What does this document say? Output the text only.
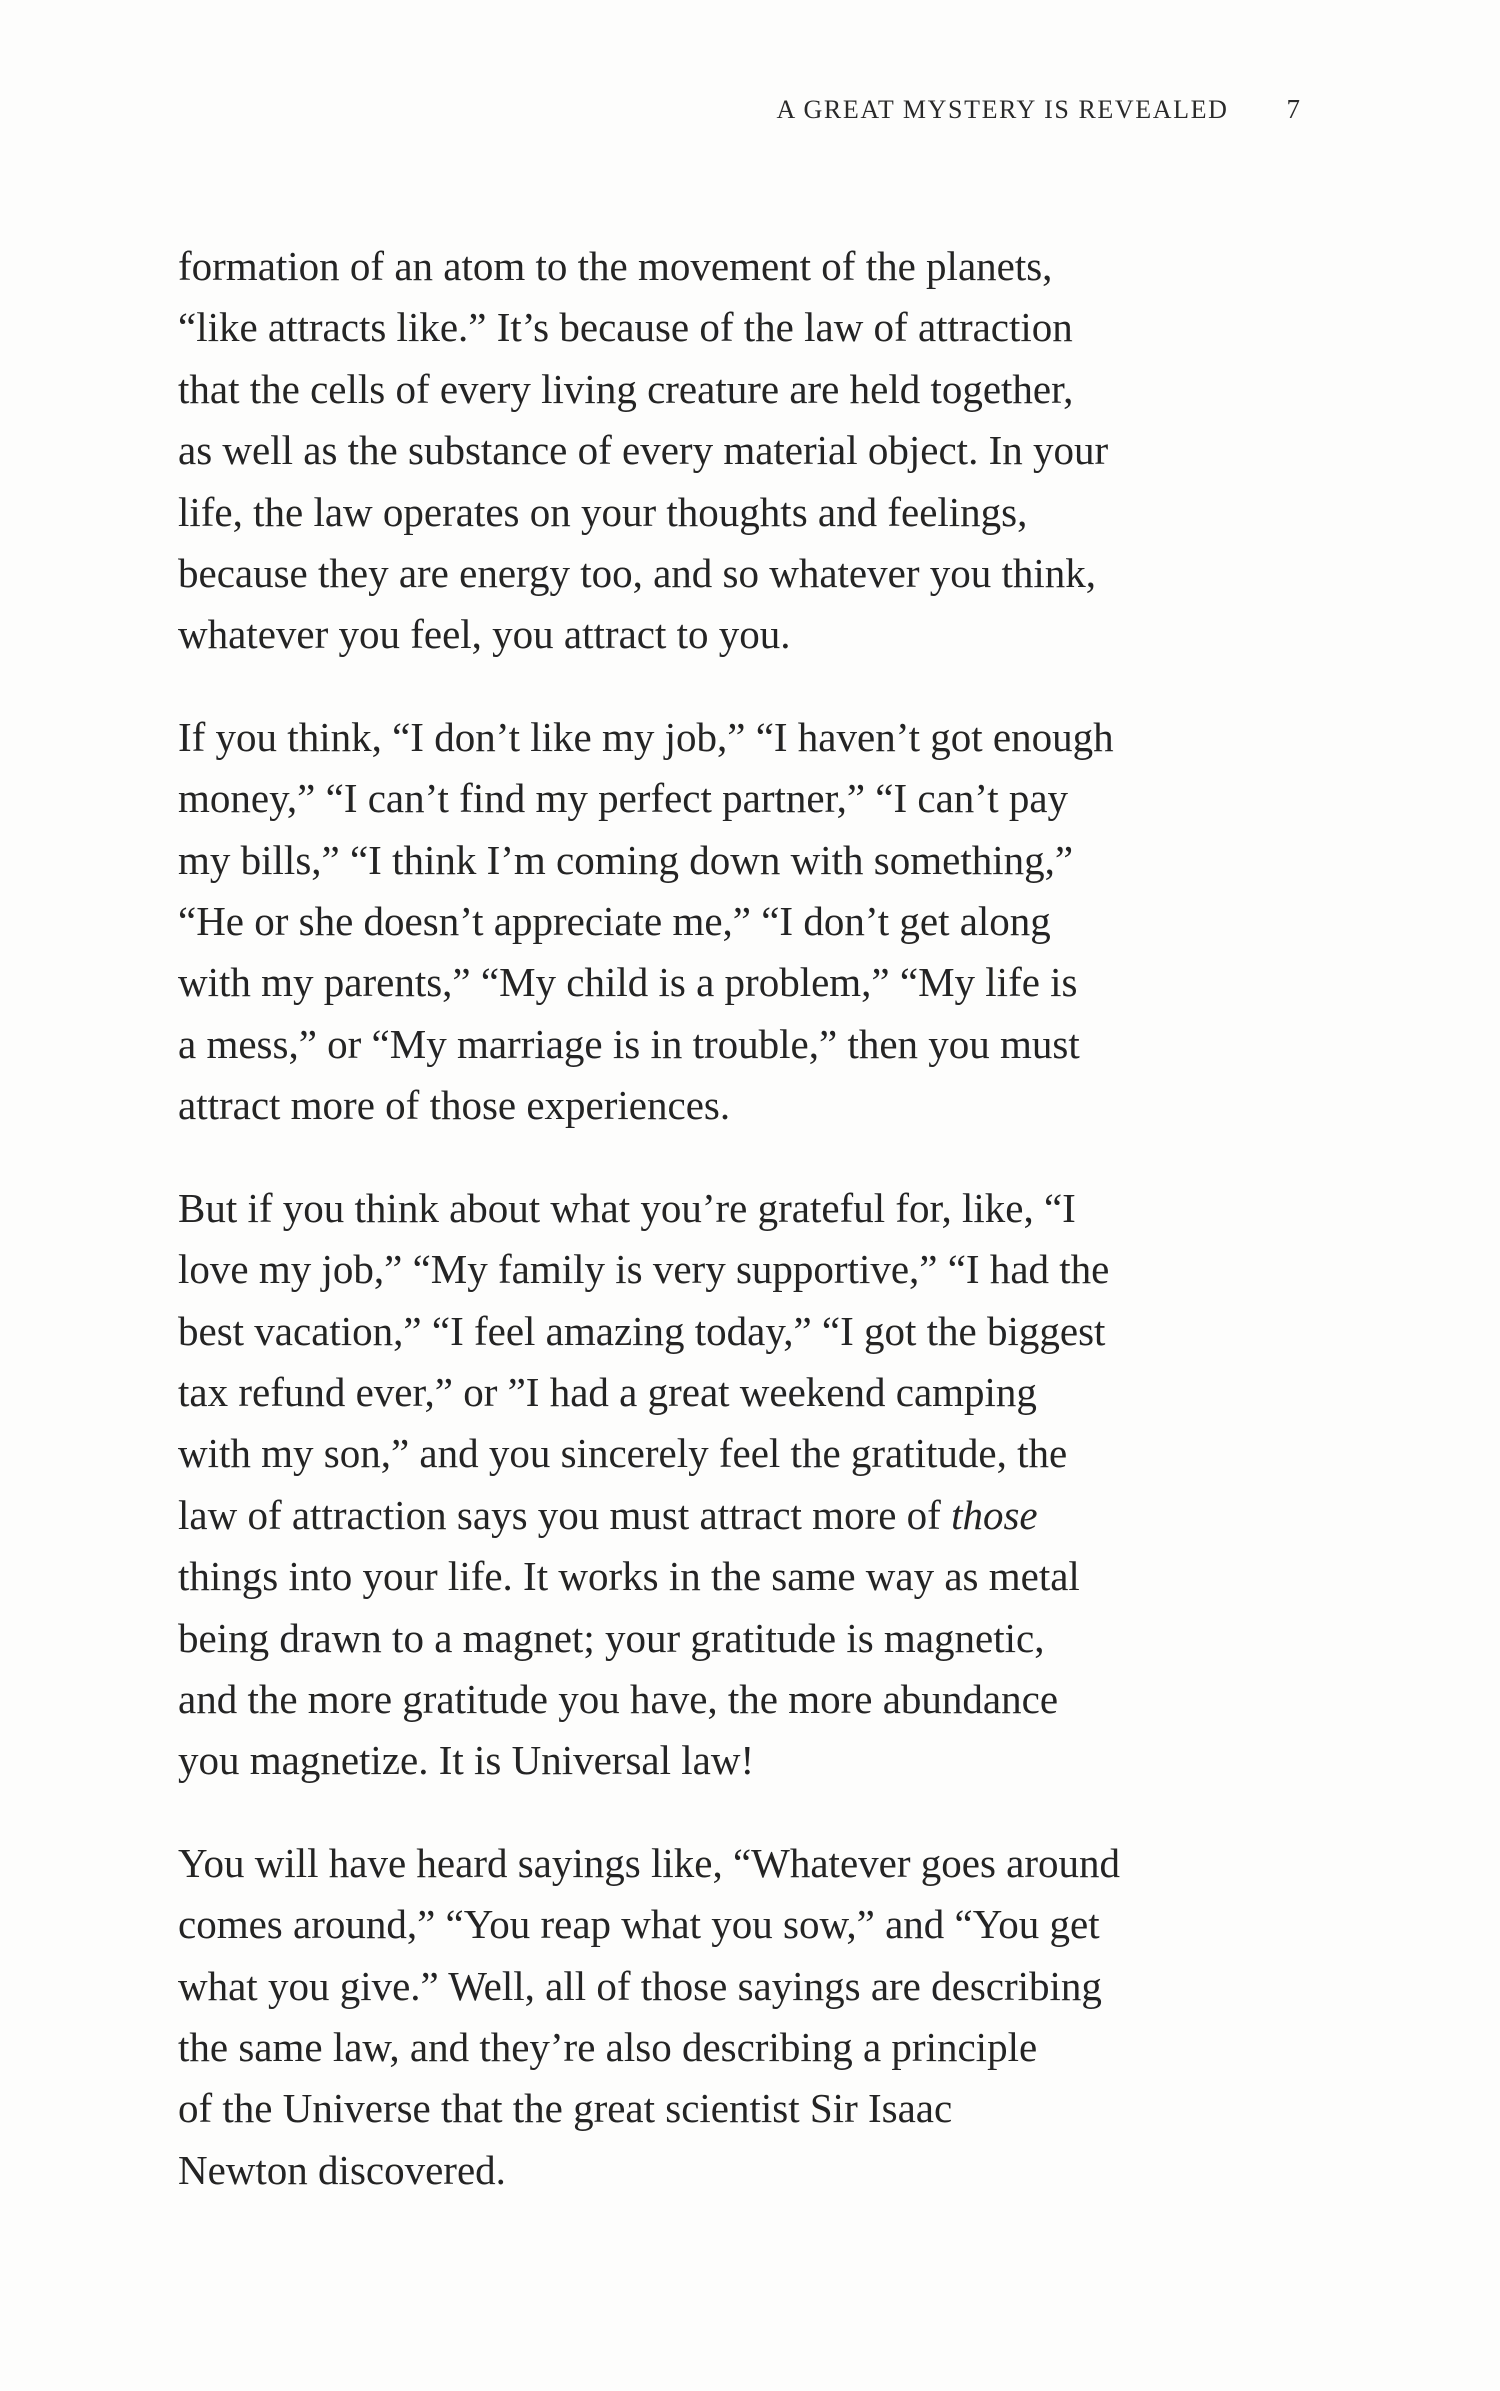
A GREAT MYSTERY IS REVEALED 7

formation of an atom to the movement of the planets,
“like attracts like.” It’s because of the law of attraction
that the cells of every living creature are held together,
as well as the substance of every material object. In your
life, the law operates on your thoughts and feelings,
because they are energy too, and so whatever you think,
whatever you feel, you attract to you.

If you think, “I don’t like my job,” “I haven’t got enough
money,” “I can’t find my perfect partner,” “I can’t pay
my bills,” “I think I’m coming down with something,”
“He or she doesn’t appreciate me,” “I don’t get along
with my parents,” “My child is a problem,” “My life is
a mess,” or “My marriage is in trouble,” then you must
attract more of those experiences.

But if you think about what you’re grateful for, like, “I
love my job,” “My family is very supportive,” “I had the
best vacation,” “I feel amazing today,” “I got the biggest
tax refund ever,” or ”I had a great weekend camping
with my son,” and you sincerely feel the gratitude, the
law of attraction says you must attract more of those
things into your life. It works in the same way as metal
being drawn to a magnet; your gratitude is magnetic,
and the more gratitude you have, the more abundance
you magnetize. It is Universal law!

You will have heard sayings like, “Whatever goes around
comes around,” “You reap what you sow,” and “You get
what you give.” Well, all of those sayings are describing
the same law, and they’re also describing a principle
of the Universe that the great scientist Sir Isaac
Newton discovered.
